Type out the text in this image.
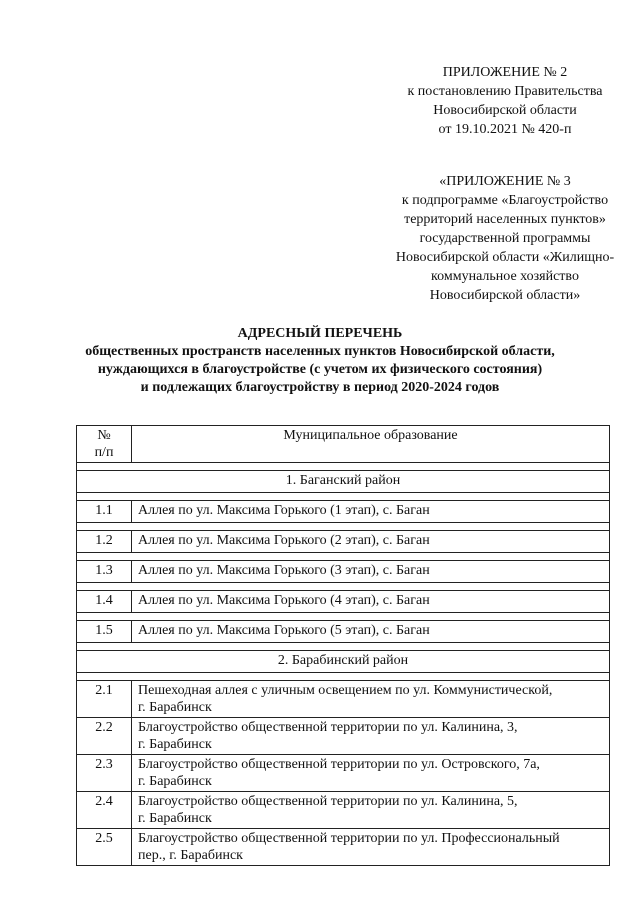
ПРИЛОЖЕНИЕ № 2
к постановлению Правительства
Новосибирской области
от 19.10.2021 № 420-п
«ПРИЛОЖЕНИЕ № 3
к подпрограмме «Благоустройство
территорий населенных пунктов»
государственной программы
Новосибирской области «Жилищно-
коммунальное хозяйство
Новосибирской области»
АДРЕСНЫЙ ПЕРЕЧЕНЬ
общественных пространств населенных пунктов Новосибирской области,
нуждающихся в благоустройстве (с учетом их физического состояния)
и подлежащих благоустройству в период 2020-2024 годов
№
п/п	Муниципальное образование

1. Баганский район	

1.1	Аллея по ул. Максима Горького (1 этап), с. Баган

1.2	Аллея по ул. Максима Горького (2 этап), с. Баган

1.3	Аллея по ул. Максима Горького (3 этап), с. Баган

1.4	Аллея по ул. Максима Горького (4 этап), с. Баган

1.5	Аллея по ул. Максима Горького (5 этап), с. Баган

2. Барабинский район	

2.1	Пешеходная аллея с уличным освещением по ул. Коммунистической,
г. Барабинск

2.2	Благоустройство общественной территории по ул. Калинина, 3,
г. Барабинск

2.3	Благоустройство общественной территории по ул. Островского, 7а,
г. Барабинск

2.4	Благоустройство общественной территории по ул. Калинина, 5,
г. Барабинск

2.5	Благоустройство общественной территории по ул. Профессиональный
пер., г. Барабинск
